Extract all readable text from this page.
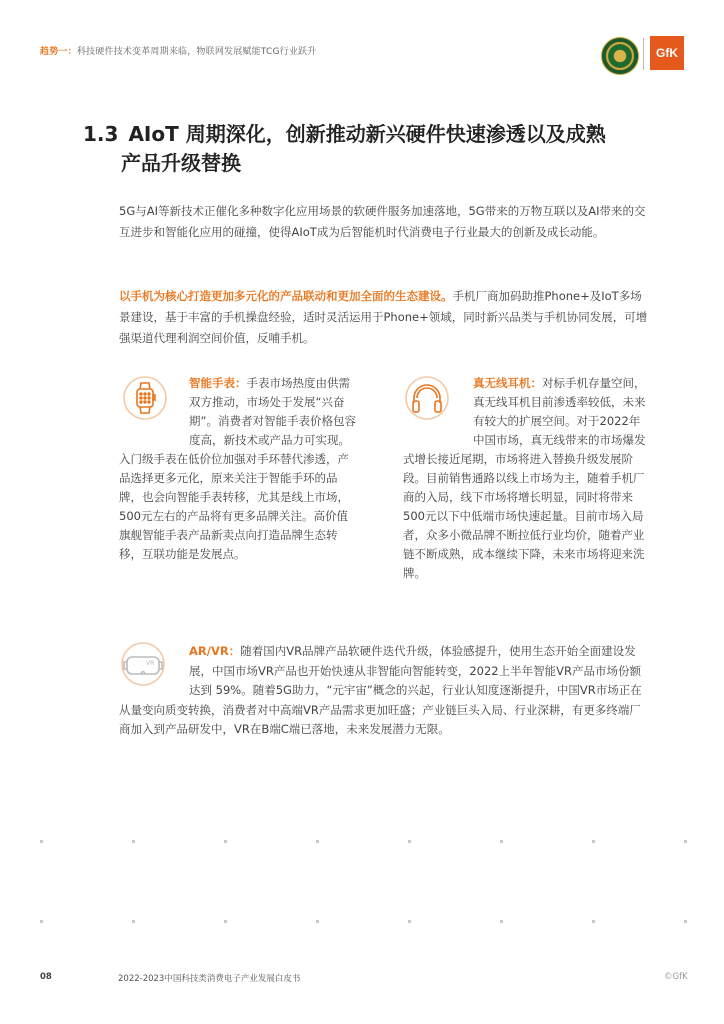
趋势一：科技硬件技术变革周期来临，物联网发展赋能TCG行业跃升	GfK
1.3 AIoT 周期深化，创新推动新兴硬件快速渗透以及成熟
产品升级替换

5G与AI等新技术正催化多种数字化应用场景的软硬件服务加速落地，5G带来的万物互联以及AI带来的交互进步和智能化应用的碰撞，使得AIoT成为后智能机时代消费电子行业最大的创新及成长动能。

以手机为核心打造更加多元化的产品联动和更加全面的生态建设。手机厂商加码助推Phone+及IoT多场景建设，基于丰富的手机操盘经验，适时灵活运用于Phone+领域，同时新兴品类与手机协同发展，可增强渠道代理利润空间价值，反哺手机。

智能手表：手表市场热度由供需双方推动，市场处于发展“兴奋期”。消费者对智能手表价格包容度高，新技术或产品力可实现。入门级手表在低价位加强对手环替代渗透，产品选择更多元化，原来关注于智能手环的品牌，也会向智能手表转移，尤其是线上市场，500元左右的产品将有更多品牌关注。高价值旗舰智能手表产品新卖点向打造品牌生态转移，互联功能是发展点。
真无线耳机：对标手机存量空间，真无线耳机目前渗透率较低，未来有较大的扩展空间。对于2022年中国市场，真无线带来的市场爆发式增长接近尾期，市场将进入替换升级发展阶段。目前销售通路以线上市场为主，随着手机厂商的入局，线下市场将增长明显，同时将带来500元以下中低端市场快速起量。目前市场入局者，众多小微品牌不断拉低行业均价，随着产业链不断成熟，成本继续下降，未来市场将迎来洗牌。
VR
AR/VR：随着国内VR品牌产品软硬件迭代升级，体验感提升，使用生态开始全面建设发展，中国市场VR产品也开始快速从非智能向智能转变，2022上半年智能VR产品市场份额达到 59%。随着5G助力，“元宇宙”概念的兴起，行业认知度逐渐提升，中国VR市场正在从量变向质变转换，消费者对中高端VR产品需求更加旺盛；产业链巨头入局、行业深耕，有更多终端厂商加入到产品研发中，VR在B端C端已落地，未来发展潜力无限。
08	2022-2023中国科技类消费电子产业发展白皮书	©GfK
